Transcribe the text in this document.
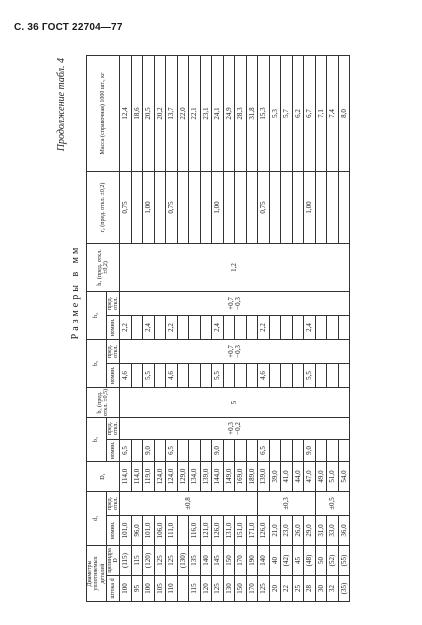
С. 36 ГОСТ 22704—77
Продолжение табл. 4
Размеры в мм
Диаметры уплотняемых деталей		d₁		D₁	b₂		b₃ (пред. откл. ±0,5)	b₅		h₄		h₇ (пред. откл. ±0,2)	r₂ (пред. откл. ±0,2)	Масса (справочная) 1000 шт., кг
штока d	цилиндра D	номин.	пред. откл.		номин.	пред. откл.		номин.	пред. откл.	номин.	пред. откл.			
100	(115)	101,0	±0,8	114,0	6,5	+0,3 −0,2	5	4,6	+0,7 −0,3	2,2	+0,7 −0,3	1,2	0,75	12,4
95	115	96,0		114,0										18,6
100	(120)	101,0		119,0	9,0			5,5		2,4			1,00	20,5
105	125	106,0		124,0										20,2
110	125	111,0		124,0	6,5			4,6		2,2			0,75	13,7
	(130)			129,0										22,0
115	135	116,0		134,0										22,1
120	140	121,0		139,0										23,1
125	145	126,0		144,0	9,0			5,5		2,4			1,00	24,1
130	150	131,0		149,0										24,9
150	170	151,0		169,0										28,3
170	190	171,0		189,0										31,8
125	140	126,0	±0,3	139,0	6,5			4,6		2,2			0,75	15,3
20	40	21,0		39,0										5,3
22	(42)	23,0		41,0										5,7
25	45	26,0		44,0										6,2
28	(48)	29,0		47,0	9,0			5,5		2,4			1,00	6,7
30	50	31,0	±0,5	49,0										7,1
32	(52)	33,0		51,0										7,4
(35)	(55)	36,0		54,0										8,0
